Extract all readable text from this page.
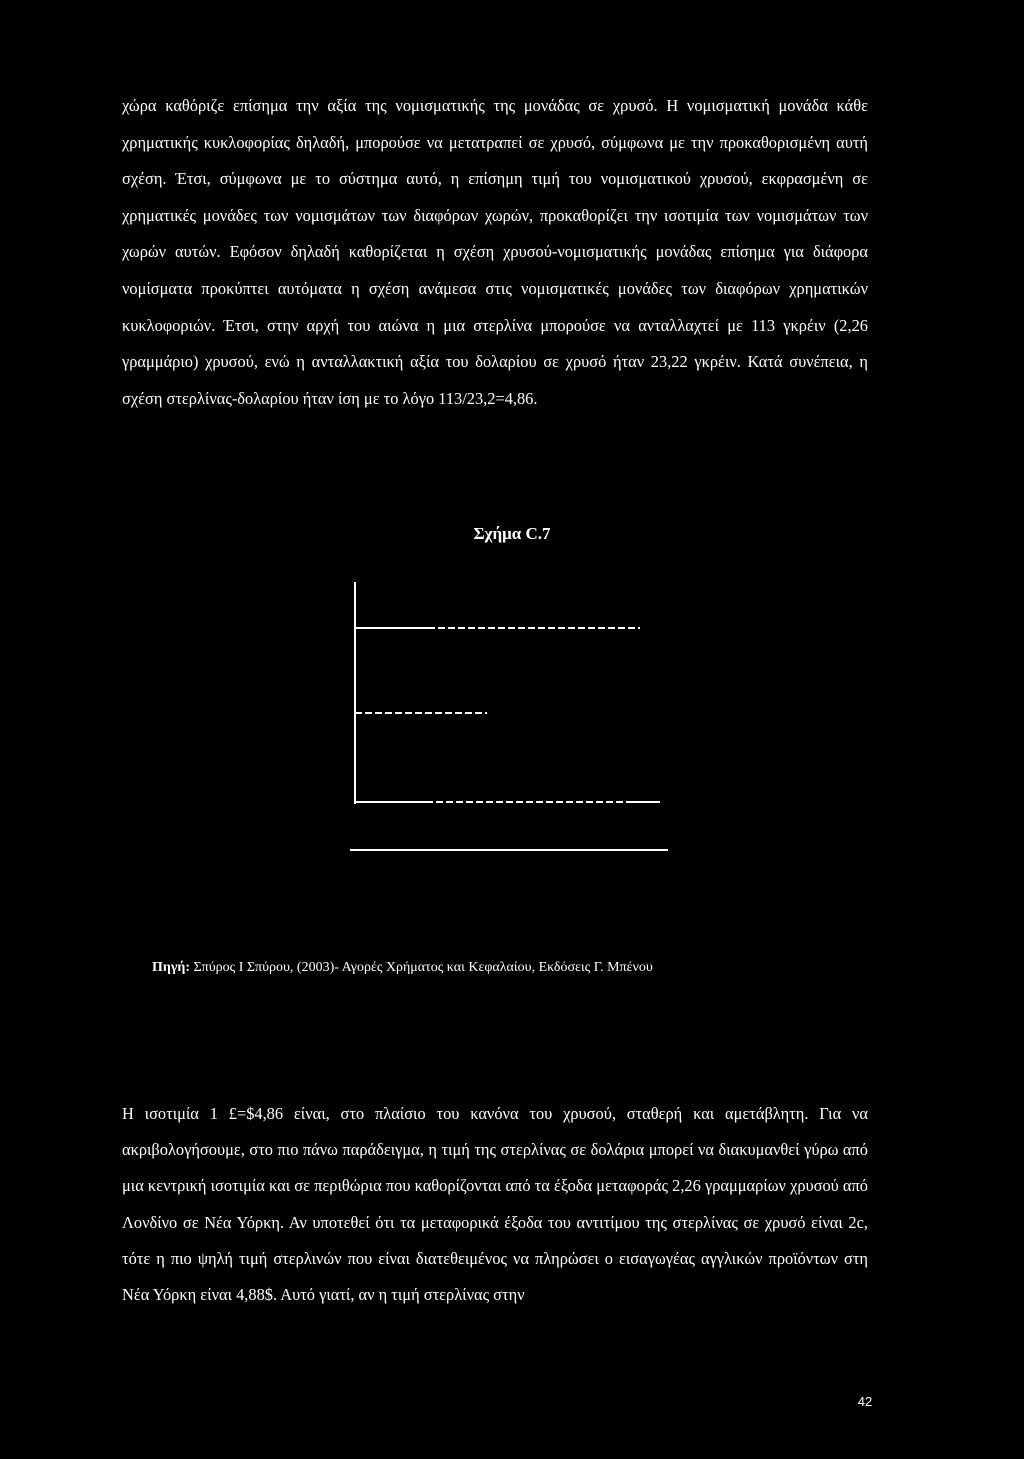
χώρα καθόριζε επίσημα την αξία της νομισματικής της μονάδας σε χρυσό. Η νομισματική μονάδα κάθε χρηματικής κυκλοφορίας δηλαδή, μπορούσε να μετατραπεί σε χρυσό, σύμφωνα με την προκαθορισμένη αυτή σχέση. Έτσι, σύμφωνα με το σύστημα αυτό, η επίσημη τιμή του νομισματικού χρυσού, εκφρασμένη σε χρηματικές μονάδες των νομισμάτων των διαφόρων χωρών, προκαθορίζει την ισοτιμία των νομισμάτων των χωρών αυτών. Εφόσον δηλαδή καθορίζεται η σχέση χρυσού-νομισματικής μονάδας επίσημα για διάφορα νομίσματα προκύπτει αυτόματα η σχέση ανάμεσα στις νομισματικές μονάδες των διαφόρων χρηματικών κυκλοφοριών. Έτσι, στην αρχή του αιώνα η μια στερλίνα μπορούσε να ανταλλαχτεί με 113 γκρέιν (2,26 γραμμάριο) χρυσού, ενώ η ανταλλακτική αξία του δολαρίου σε χρυσό ήταν 23,22 γκρέιν. Κατά συνέπεια, η σχέση στερλίνας-δολαρίου ήταν ίση με το λόγο 113/23,2=4,86.

Σχήμα C.7

Πηγή: Σπύρος Ι Σπύρου, (2003)- Αγορές Χρήματος και Κεφαλαίου, Εκδόσεις Γ. Μπένου

Η ισοτιμία 1 £=$4,86 είναι, στο πλαίσιο του κανόνα του χρυσού, σταθερή και αμετάβλητη. Για να ακριβολογήσουμε, στο πιο πάνω παράδειγμα, η τιμή της στερλίνας σε δολάρια μπορεί να διακυμανθεί γύρω από μια κεντρική ισοτιμία και σε περιθώρια που καθορίζονται από τα έξοδα μεταφοράς 2,26 γραμμαρίων χρυσού από Λονδίνο σε Νέα Υόρκη. Αν υποτεθεί ότι τα μεταφορικά έξοδα του αντιτίμου της στερλίνας σε χρυσό είναι 2c, τότε η πιο ψηλή τιμή στερλινών που είναι διατεθειμένος να πληρώσει ο εισαγωγέας αγγλικών προϊόντων στη Νέα Υόρκη είναι 4,88$. Αυτό γιατί, αν η τιμή στερλίνας στην

42
